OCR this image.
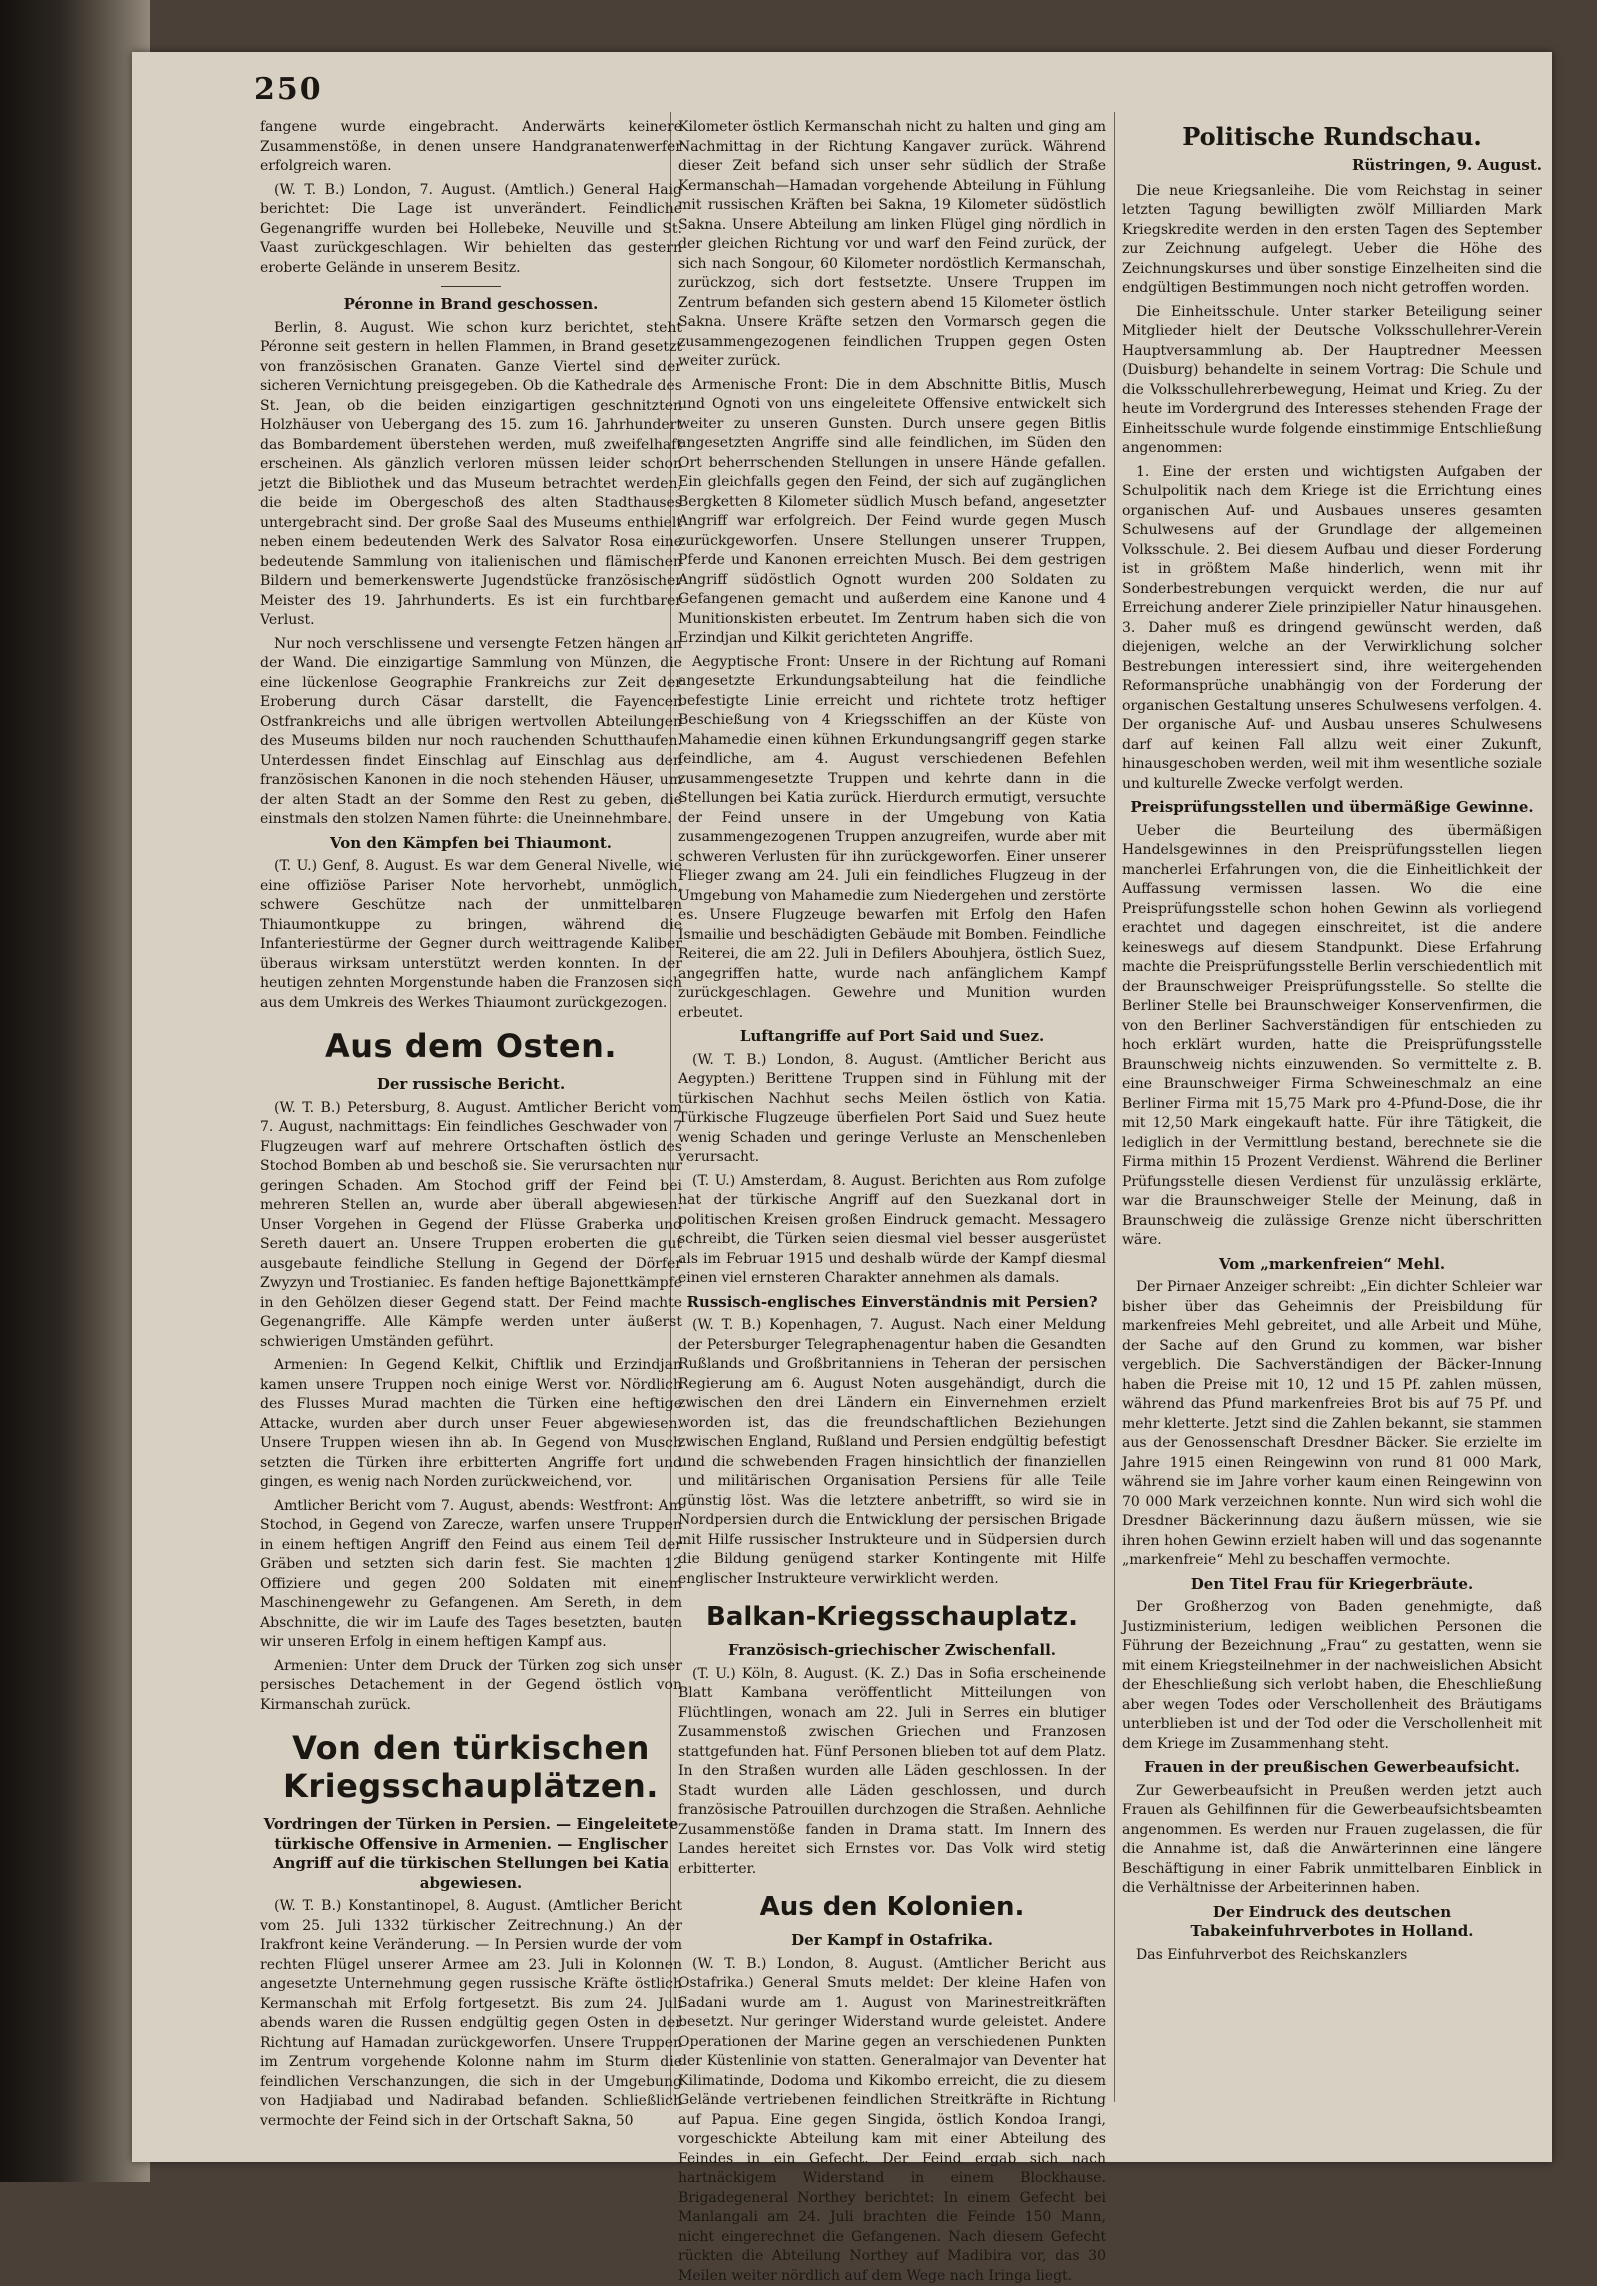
250

fangene wurde eingebracht. Anderwärts keinere Zusammenstöße, in denen unsere Handgranatenwerfer erfolgreich waren.

(W. T. B.) London, 7. August. (Amtlich.) General Haig berichtet: Die Lage ist unverändert. Feindliche Gegenangriffe wurden bei Hollebeke, Neuville und St. Vaast zurückgeschlagen. Wir behielten das gestern eroberte Gelände in unserem Besitz.

Péronne in Brand geschossen.

Berlin, 8. August. Wie schon kurz berichtet, steht Péronne seit gestern in hellen Flammen, in Brand gesetzt von französischen Granaten. Ganze Viertel sind der sicheren Vernichtung preisgegeben. Ob die Kathedrale des St. Jean, ob die beiden einzigartigen geschnitzten Holzhäuser von Uebergang des 15. zum 16. Jahrhundert das Bombardement überstehen werden, muß zweifelhaft erscheinen. Als gänzlich verloren müssen leider schon jetzt die Bibliothek und das Museum betrachtet werden, die beide im Obergeschoß des alten Stadthauses untergebracht sind. Der große Saal des Museums enthielt neben einem bedeutenden Werk des Salvator Rosa eine bedeutende Sammlung von italienischen und flämischen Bildern und bemerkenswerte Jugendstücke französischer Meister des 19. Jahrhunderts. Es ist ein furchtbarer Verlust.

Nur noch verschlissene und versengte Fetzen hängen an der Wand. Die einzigartige Sammlung von Münzen, die eine lückenlose Geographie Frankreichs zur Zeit der Eroberung durch Cäsar darstellt, die Fayencen Ostfrankreichs und alle übrigen wertvollen Abteilungen des Museums bilden nur noch rauchenden Schutthaufen. Unterdessen findet Einschlag auf Einschlag aus den französischen Kanonen in die noch stehenden Häuser, um der alten Stadt an der Somme den Rest zu geben, die einstmals den stolzen Namen führte: die Uneinnehmbare.

Von den Kämpfen bei Thiaumont.

(T. U.) Genf, 8. August. Es war dem General Nivelle, wie eine offiziöse Pariser Note hervorhebt, unmöglich, schwere Geschütze nach der unmittelbaren Thiaumontkuppe zu bringen, während die Infanteriestürme der Gegner durch weittragende Kaliber überaus wirksam unterstützt werden konnten. In der heutigen zehnten Morgenstunde haben die Franzosen sich aus dem Umkreis des Werkes Thiaumont zurückgezogen.

Aus dem Osten.

Der russische Bericht.

(W. T. B.) Petersburg, 8. August. Amtlicher Bericht vom 7. August, nachmittags: Ein feindliches Geschwader von 7 Flugzeugen warf auf mehrere Ortschaften östlich des Stochod Bomben ab und beschoß sie. Sie verursachten nur geringen Schaden. Am Stochod griff der Feind bei mehreren Stellen an, wurde aber überall abgewiesen. Unser Vorgehen in Gegend der Flüsse Graberka und Sereth dauert an. Unsere Truppen eroberten die gut ausgebaute feindliche Stellung in Gegend der Dörfer Zwyzyn und Trostianiec. Es fanden heftige Bajonettkämpfe in den Gehölzen dieser Gegend statt. Der Feind machte Gegenangriffe. Alle Kämpfe werden unter äußerst schwierigen Umständen geführt.

Armenien: In Gegend Kelkit, Chiftlik und Erzindjan kamen unsere Truppen noch einige Werst vor. Nördlich des Flusses Murad machten die Türken eine heftige Attacke, wurden aber durch unser Feuer abgewiesen. Unsere Truppen wiesen ihn ab. In Gegend von Musch setzten die Türken ihre erbitterten Angriffe fort und gingen, es wenig nach Norden zurückweichend, vor.

Amtlicher Bericht vom 7. August, abends: Westfront: Am Stochod, in Gegend von Zarecze, warfen unsere Truppen in einem heftigen Angriff den Feind aus einem Teil der Gräben und setzten sich darin fest. Sie machten 12 Offiziere und gegen 200 Soldaten mit einem Maschinengewehr zu Gefangenen. Am Sereth, in dem Abschnitte, die wir im Laufe des Tages besetzten, bauten wir unseren Erfolg in einem heftigen Kampf aus.

Armenien: Unter dem Druck der Türken zog sich unser persisches Detachement in der Gegend östlich von Kirmanschah zurück.

Von den türkischen Kriegsschauplätzen.

Vordringen der Türken in Persien. — Eingeleitete türkische Offensive in Armenien. — Englischer Angriff auf die türkischen Stellungen bei Katia abgewiesen.

(W. T. B.) Konstantinopel, 8. August. (Amtlicher Bericht vom 25. Juli 1332 türkischer Zeitrechnung.) An der Irakfront keine Veränderung. — In Persien wurde der vom rechten Flügel unserer Armee am 23. Juli in Kolonnen angesetzte Unternehmung gegen russische Kräfte östlich Kermanschah mit Erfolg fortgesetzt. Bis zum 24. Juli abends waren die Russen endgültig gegen Osten in der Richtung auf Hamadan zurückgeworfen. Unsere Truppen im Zentrum vorgehende Kolonne nahm im Sturm die feindlichen Verschanzungen, die sich in der Umgebung von Hadjiabad und Nadirabad befanden. Schließlich vermochte der Feind sich in der Ortschaft Sakna, 50

Kilometer östlich Kermanschah nicht zu halten und ging am Nachmittag in der Richtung Kangaver zurück. Während dieser Zeit befand sich unser sehr südlich der Straße Kermanschah—Hamadan vorgehende Abteilung in Fühlung mit russischen Kräften bei Sakna, 19 Kilometer südöstlich Sakna. Unsere Abteilung am linken Flügel ging nördlich in der gleichen Richtung vor und warf den Feind zurück, der sich nach Songour, 60 Kilometer nordöstlich Kermanschah, zurückzog, sich dort festsetzte. Unsere Truppen im Zentrum befanden sich gestern abend 15 Kilometer östlich Sakna. Unsere Kräfte setzen den Vormarsch gegen die zusammengezogenen feindlichen Truppen gegen Osten weiter zurück.

Armenische Front: Die in dem Abschnitte Bitlis, Musch und Ognoti von uns eingeleitete Offensive entwickelt sich weiter zu unseren Gunsten. Durch unsere gegen Bitlis angesetzten Angriffe sind alle feindlichen, im Süden den Ort beherrschenden Stellungen in unsere Hände gefallen. Ein gleichfalls gegen den Feind, der sich auf zugänglichen Bergketten 8 Kilometer südlich Musch befand, angesetzter Angriff war erfolgreich. Der Feind wurde gegen Musch zurückgeworfen. Unsere Stellungen unserer Truppen, Pferde und Kanonen erreichten Musch. Bei dem gestrigen Angriff südöstlich Ognott wurden 200 Soldaten zu Gefangenen gemacht und außerdem eine Kanone und 4 Munitionskisten erbeutet. Im Zentrum haben sich die von Erzindjan und Kilkit gerichteten Angriffe.

Aegyptische Front: Unsere in der Richtung auf Romani angesetzte Erkundungsabteilung hat die feindliche befestigte Linie erreicht und richtete trotz heftiger Beschießung von 4 Kriegsschiffen an der Küste von Mahamedie einen kühnen Erkundungsangriff gegen starke feindliche, am 4. August verschiedenen Befehlen zusammengesetzte Truppen und kehrte dann in die Stellungen bei Katia zurück. Hierdurch ermutigt, versuchte der Feind unsere in der Umgebung von Katia zusammengezogenen Truppen anzugreifen, wurde aber mit schweren Verlusten für ihn zurückgeworfen. Einer unserer Flieger zwang am 24. Juli ein feindliches Flugzeug in der Umgebung von Mahamedie zum Niedergehen und zerstörte es. Unsere Flugzeuge bewarfen mit Erfolg den Hafen Ismailie und beschädigten Gebäude mit Bomben. Feindliche Reiterei, die am 22. Juli in Defilers Abouhjera, östlich Suez, angegriffen hatte, wurde nach anfänglichem Kampf zurückgeschlagen. Gewehre und Munition wurden erbeutet.

Luftangriffe auf Port Said und Suez.

(W. T. B.) London, 8. August. (Amtlicher Bericht aus Aegypten.) Berittene Truppen sind in Fühlung mit der türkischen Nachhut sechs Meilen östlich von Katia. Türkische Flugzeuge überfielen Port Said und Suez heute wenig Schaden und geringe Verluste an Menschenleben verursacht.

(T. U.) Amsterdam, 8. August. Berichten aus Rom zufolge hat der türkische Angriff auf den Suezkanal dort in politischen Kreisen großen Eindruck gemacht. Messagero schreibt, die Türken seien diesmal viel besser ausgerüstet als im Februar 1915 und deshalb würde der Kampf diesmal einen viel ernsteren Charakter annehmen als damals.

Russisch-englisches Einverständnis mit Persien?

(W. T. B.) Kopenhagen, 7. August. Nach einer Meldung der Petersburger Telegraphenagentur haben die Gesandten Rußlands und Großbritanniens in Teheran der persischen Regierung am 6. August Noten ausgehändigt, durch die zwischen den drei Ländern ein Einvernehmen erzielt worden ist, das die freundschaftlichen Beziehungen zwischen England, Rußland und Persien endgültig befestigt und die schwebenden Fragen hinsichtlich der finanziellen und militärischen Organisation Persiens für alle Teile günstig löst. Was die letztere anbetrifft, so wird sie in Nordpersien durch die Entwicklung der persischen Brigade mit Hilfe russischer Instrukteure und in Südpersien durch die Bildung genügend starker Kontingente mit Hilfe englischer Instrukteure verwirklicht werden.

Balkan-Kriegsschauplatz.

Französisch-griechischer Zwischenfall.

(T. U.) Köln, 8. August. (K. Z.) Das in Sofia erscheinende Blatt Kambana veröffentlicht Mitteilungen von Flüchtlingen, wonach am 22. Juli in Serres ein blutiger Zusammenstoß zwischen Griechen und Franzosen stattgefunden hat. Fünf Personen blieben tot auf dem Platz. In den Straßen wurden alle Läden geschlossen. In der Stadt wurden alle Läden geschlossen, und durch französische Patrouillen durchzogen die Straßen. Aehnliche Zusammenstöße fanden in Drama statt. Im Innern des Landes hereitet sich Ernstes vor. Das Volk wird stetig erbitterter.

Aus den Kolonien.

Der Kampf in Ostafrika.

(W. T. B.) London, 8. August. (Amtlicher Bericht aus Ostafrika.) General Smuts meldet: Der kleine Hafen von Sadani wurde am 1. August von Marinestreitkräften besetzt. Nur geringer Widerstand wurde geleistet. Andere Operationen der Marine gegen an verschiedenen Punkten der Küstenlinie von statten. Generalmajor van Deventer hat Kilimatinde, Dodoma und Kikombo erreicht, die zu diesem Gelände vertriebenen feindlichen Streitkräfte in Richtung auf Papua. Eine gegen Singida, östlich Kondoa Irangi, vorgeschickte Abteilung kam mit einer Abteilung des Feindes in ein Gefecht. Der Feind ergab sich nach hartnäckigem Widerstand in einem Blockhause. Brigadegeneral Northey berichtet: In einem Gefecht bei Manlangali am 24. Juli brachten die Feinde 150 Mann, nicht eingerechnet die Gefangenen. Nach diesem Gefecht rückten die Abteilung Northey auf Madibira vor, das 30 Meilen weiter nördlich auf dem Wege nach Iringa liegt.

Politische Rundschau.
Rüstringen, 9. August.

Die neue Kriegsanleihe. Die vom Reichstag in seiner letzten Tagung bewilligten zwölf Milliarden Mark Kriegskredite werden in den ersten Tagen des September zur Zeichnung aufgelegt. Ueber die Höhe des Zeichnungskurses und über sonstige Einzelheiten sind die endgültigen Bestimmungen noch nicht getroffen worden.

Die Einheitsschule. Unter starker Beteiligung seiner Mitglieder hielt der Deutsche Volksschullehrer-Verein Hauptversammlung ab. Der Hauptredner Meessen (Duisburg) behandelte in seinem Vortrag: Die Schule und die Volksschullehrerbewegung, Heimat und Krieg. Zu der heute im Vordergrund des Interesses stehenden Frage der Einheitsschule wurde folgende einstimmige Entschließung angenommen:

1. Eine der ersten und wichtigsten Aufgaben der Schulpolitik nach dem Kriege ist die Errichtung eines organischen Auf- und Ausbaues unseres gesamten Schulwesens auf der Grundlage der allgemeinen Volksschule. 2. Bei diesem Aufbau und dieser Forderung ist in größtem Maße hinderlich, wenn mit ihr Sonderbestrebungen verquickt werden, die nur auf Erreichung anderer Ziele prinzipieller Natur hinausgehen. 3. Daher muß es dringend gewünscht werden, daß diejenigen, welche an der Verwirklichung solcher Bestrebungen interessiert sind, ihre weitergehenden Reformansprüche unabhängig von der Forderung der organischen Gestaltung unseres Schulwesens verfolgen. 4. Der organische Auf- und Ausbau unseres Schulwesens darf auf keinen Fall allzu weit einer Zukunft, hinausgeschoben werden, weil mit ihm wesentliche soziale und kulturelle Zwecke verfolgt werden.

Preisprüfungsstellen und übermäßige Gewinne.

Ueber die Beurteilung des übermäßigen Handelsgewinnes in den Preisprüfungsstellen liegen mancherlei Erfahrungen von, die die Einheitlichkeit der Auffassung vermissen lassen. Wo die eine Preisprüfungsstelle schon hohen Gewinn als vorliegend erachtet und dagegen einschreitet, ist die andere keineswegs auf diesem Standpunkt. Diese Erfahrung machte die Preisprüfungsstelle Berlin verschiedentlich mit der Braunschweiger Preisprüfungsstelle. So stellte die Berliner Stelle bei Braunschweiger Konservenfirmen, die von den Berliner Sachverständigen für entschieden zu hoch erklärt wurden, hatte die Preisprüfungsstelle Braunschweig nichts einzuwenden. So vermittelte z. B. eine Braunschweiger Firma Schweineschmalz an eine Berliner Firma mit 15,75 Mark pro 4-Pfund-Dose, die ihr mit 12,50 Mark eingekauft hatte. Für ihre Tätigkeit, die lediglich in der Vermittlung bestand, berechnete sie die Firma mithin 15 Prozent Verdienst. Während die Berliner Prüfungsstelle diesen Verdienst für unzulässig erklärte, war die Braunschweiger Stelle der Meinung, daß in Braunschweig die zulässige Grenze nicht überschritten wäre.

Vom „markenfreien“ Mehl.

Der Pirnaer Anzeiger schreibt: „Ein dichter Schleier war bisher über das Geheimnis der Preisbildung für markenfreies Mehl gebreitet, und alle Arbeit und Mühe, der Sache auf den Grund zu kommen, war bisher vergeblich. Die Sachverständigen der Bäcker-Innung haben die Preise mit 10, 12 und 15 Pf. zahlen müssen, während das Pfund markenfreies Brot bis auf 75 Pf. und mehr kletterte. Jetzt sind die Zahlen bekannt, sie stammen aus der Genossenschaft Dresdner Bäcker. Sie erzielte im Jahre 1915 einen Reingewinn von rund 81 000 Mark, während sie im Jahre vorher kaum einen Reingewinn von 70 000 Mark verzeichnen konnte. Nun wird sich wohl die Dresdner Bäckerinnung dazu äußern müssen, wie sie ihren hohen Gewinn erzielt haben will und das sogenannte „markenfreie“ Mehl zu beschaffen vermochte.

Den Titel Frau für Kriegerbräute.

Der Großherzog von Baden genehmigte, daß Justizministerium, ledigen weiblichen Personen die Führung der Bezeichnung „Frau“ zu gestatten, wenn sie mit einem Kriegsteilnehmer in der nachweislichen Absicht der Eheschließung sich verlobt haben, die Eheschließung aber wegen Todes oder Verschollenheit des Bräutigams unterblieben ist und der Tod oder die Verschollenheit mit dem Kriege im Zusammenhang steht.

Frauen in der preußischen Gewerbeaufsicht.

Zur Gewerbeaufsicht in Preußen werden jetzt auch Frauen als Gehilfinnen für die Gewerbeaufsichtsbeamten angenommen. Es werden nur Frauen zugelassen, die für die Annahme ist, daß die Anwärterinnen eine längere Beschäftigung in einer Fabrik unmittelbaren Einblick in die Verhältnisse der Arbeiterinnen haben.

Der Eindruck des deutschen Tabakeinfuhrverbotes in Holland.

Das Einfuhrverbot des Reichskanzlers
